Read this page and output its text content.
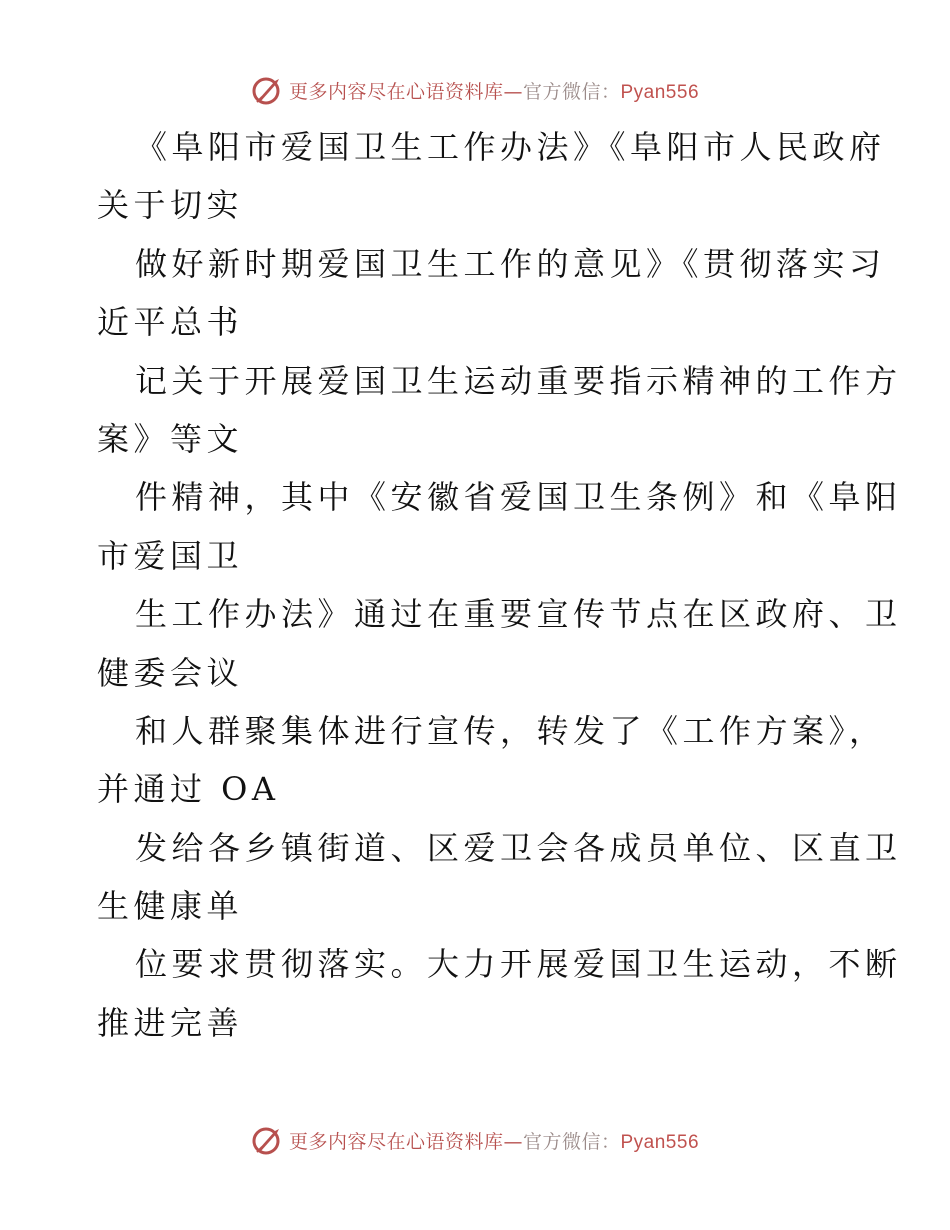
更多内容尽在心语资料库—官方微信：Pyan556
《阜阳市爱国卫生工作办法》《阜阳市人民政府
关于切实
做好新时期爱国卫生工作的意见》《贯彻落实习
近平总书
记关于开展爱国卫生运动重要指示精神的工作方
案》等文
件精神，其中《安徽省爱国卫生条例》和《阜阳
市爱国卫
生工作办法》通过在重要宣传节点在区政府、卫
健委会议
和人群聚集体进行宣传，转发了《工作方案》，
并通过 OA
发给各乡镇街道、区爱卫会各成员单位、区直卫
生健康单
位要求贯彻落实。大力开展爱国卫生运动，不断
推进完善
更多内容尽在心语资料库—官方微信：Pyan556
